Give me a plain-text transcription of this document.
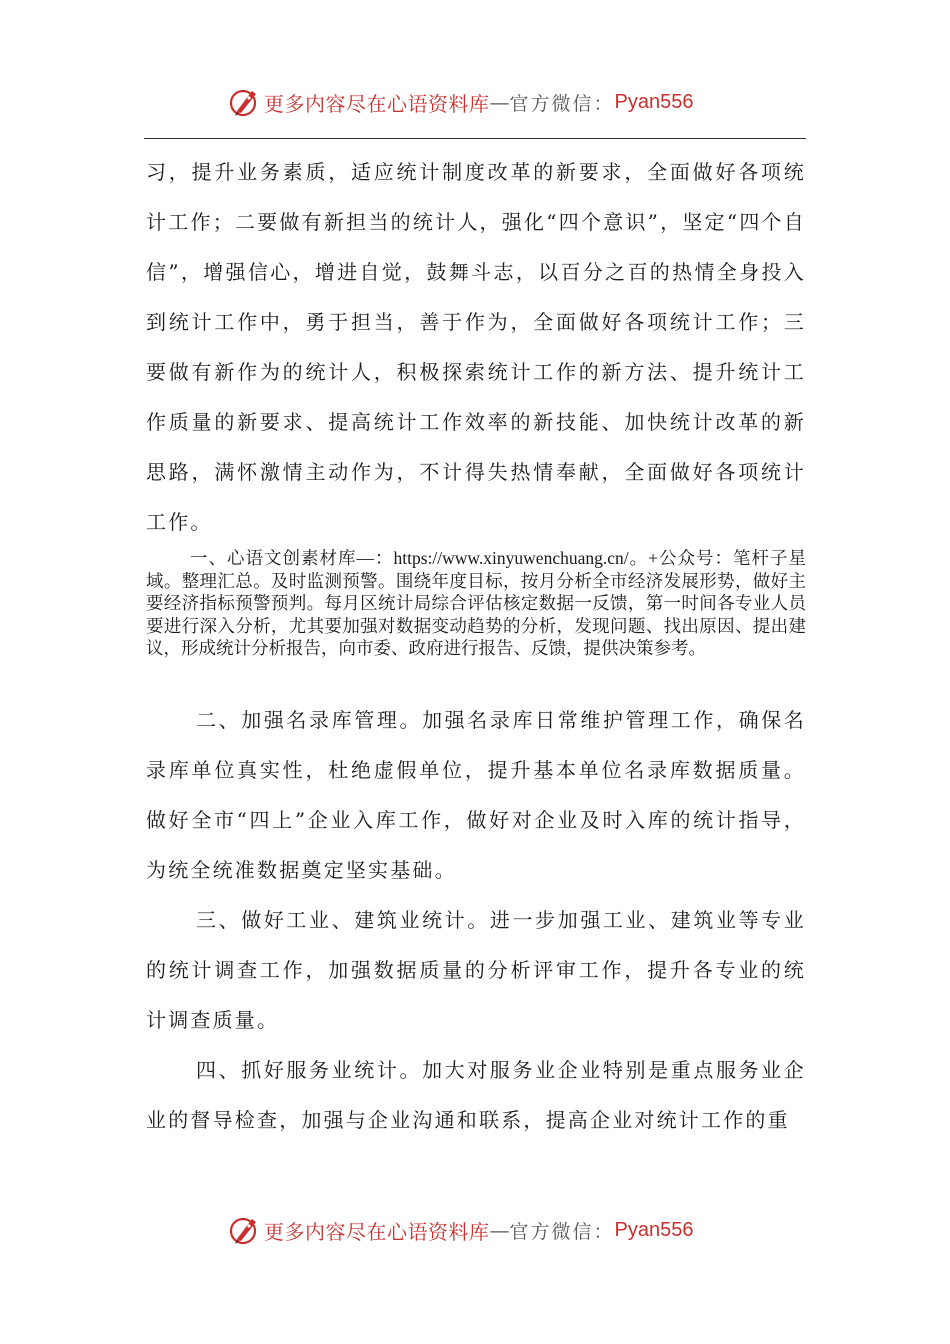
更多内容尽在心语资料库 — 官方微信： Pyan556

习，提升业务素质，适应统计制度改革的新要求，全面做好各项统计工作；二要做有新担当的统计人，强化“四个意识”，坚定“四个自信”，增强信心，增进自觉，鼓舞斗志，以百分之百的热情全身投入到统计工作中，勇于担当，善于作为，全面做好各项统计工作；三要做有新作为的统计人，积极探索统计工作的新方法、提升统计工作质量的新要求、提高统计工作效率的新技能、加快统计改革的新思路，满怀激情主动作为，不计得失热情奉献，全面做好各项统计工作。

一、心语文创素材库—：https://www.xinyuwenchuang.cn/。+公众号：笔杆子星域。整理汇总。及时监测预警。围绕年度目标，按月分析全市经济发展形势，做好主要经济指标预警预判。每月区统计局综合评估核定数据一反馈，第一时间各专业人员要进行深入分析，尤其要加强对数据变动趋势的分析，发现问题、找出原因、提出建议，形成统计分析报告，向市委、政府进行报告、反馈，提供决策参考。

二、加强名录库管理。加强名录库日常维护管理工作，确保名录库单位真实性，杜绝虚假单位，提升基本单位名录库数据质量。做好全市“四上”企业入库工作，做好对企业及时入库的统计指导，为统全统准数据奠定坚实基础。

三、做好工业、建筑业统计。进一步加强工业、建筑业等专业的统计调查工作，加强数据质量的分析评审工作，提升各专业的统计调查质量。

四、抓好服务业统计。加大对服务业企业特别是重点服务业企业的督导检查，加强与企业沟通和联系，提高企业对统计工作的重

更多内容尽在心语资料库 — 官方微信： Pyan556
